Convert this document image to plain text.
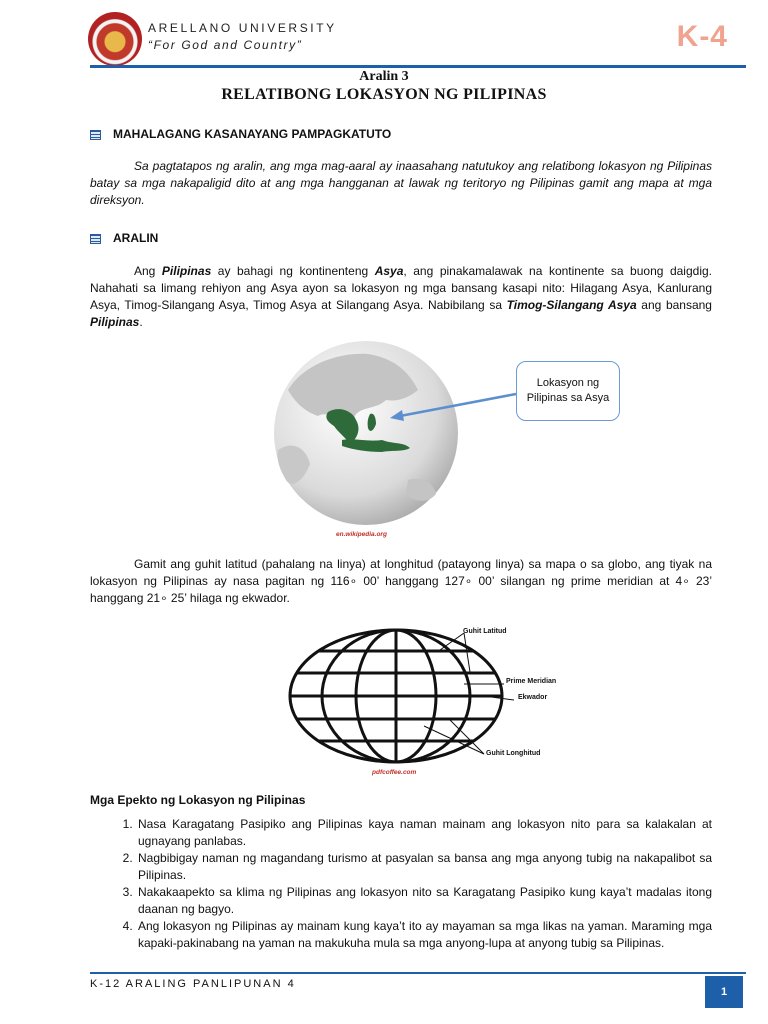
ARELLANO UNIVERSITY
“For God and Country”	K-4
Aralin 3
RELATIBONG LOKASYON NG PILIPINAS
MAHALAGANG KASANAYANG PAMPAGKATUTO
Sa pagtatapos ng aralin, ang mga mag-aaral ay inaasahang natutukoy ang relatibong lokasyon ng Pilipinas batay sa mga nakapaligid dito at ang mga hangganan at lawak ng teritoryo ng Pilipinas gamit ang mapa at mga direksyon.
ARALIN
Ang Pilipinas ay bahagi ng kontinenteng Asya, ang pinakamalawak na kontinente sa buong daigdig. Nahahati sa limang rehiyon ang Asya ayon sa lokasyon ng mga bansang kasapi nito: Hilagang Asya, Kanlurang Asya, Timog-Silangang Asya, Timog Asya at Silangang Asya. Nabibilang sa Timog-Silangang Asya ang bansang Pilipinas.
Lokasyon ng Pilipinas sa Asya
en.wikipedia.org
Gamit ang guhit latitud (pahalang na linya) at longhitud (patayong linya) sa mapa o sa globo, ang tiyak na lokasyon ng Pilipinas ay nasa pagitan ng 116∘ 00’ hanggang 127∘ 00’ silangan ng prime meridian at 4∘ 23’ hanggang 21∘ 25’ hilaga ng ekwador.
Guhit Latitud
Prime Meridian
Ekwador
Guhit Longhitud
pdfcoffee.com
Mga Epekto ng Lokasyon ng Pilipinas
1. Nasa Karagatang Pasipiko ang Pilipinas kaya naman mainam ang lokasyon nito para sa kalakalan at ugnayang panlabas.
2. Nagbibigay naman ng magandang turismo at pasyalan sa bansa ang mga anyong tubig na nakapalibot sa Pilipinas.
3. Nakakaapekto sa klima ng Pilipinas ang lokasyon nito sa Karagatang Pasipiko kung kaya’t madalas itong daanan ng bagyo.
4. Ang lokasyon ng Pilipinas ay mainam kung kaya’t ito ay mayaman sa mga likas na yaman. Maraming mga kapaki-pakinabang na yaman na makukuha mula sa mga anyong-lupa at anyong tubig sa Pilipinas.
K-12 ARALING PANLIPUNAN 4
1
